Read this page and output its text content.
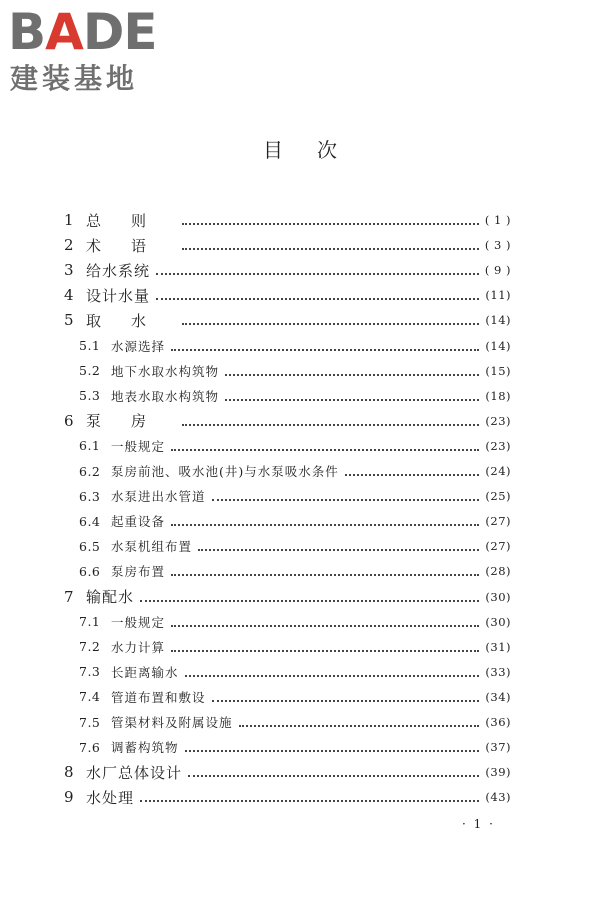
BADE
建装基地
目次
1 总则	( 1 )
2 术语	( 3 )
3 给水系统	( 9 )
4 设计水量	(11)
5 取水	(14)
5.1 水源选择	(14)
5.2 地下水取水构筑物	(15)
5.3 地表水取水构筑物	(18)
6 泵房	(23)
6.1 一般规定	(23)
6.2 泵房前池、吸水池(井)与水泵吸水条件	(24)
6.3 水泵进出水管道	(25)
6.4 起重设备	(27)
6.5 水泵机组布置	(27)
6.6 泵房布置	(28)
7 输配水	(30)
7.1 一般规定	(30)
7.2 水力计算	(31)
7.3 长距离输水	(33)
7.4 管道布置和敷设	(34)
7.5 管渠材料及附属设施	(36)
7.6 调蓄构筑物	(37)
8 水厂总体设计	(39)
9 水处理	(43)
· 1 ·
